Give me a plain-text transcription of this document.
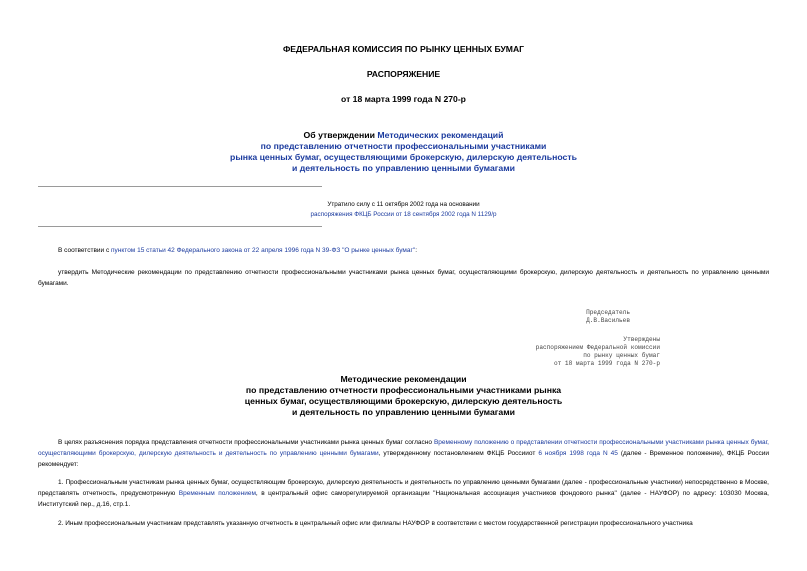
ФЕДЕРАЛЬНАЯ КОМИССИЯ ПО РЫНКУ ЦЕННЫХ БУМАГ
РАСПОРЯЖЕНИЕ
от 18 марта 1999 года N 270-р
Об утверждении Методических рекомендаций
по представлению отчетности профессиональными участниками
рынка ценных бумаг, осуществляющими брокерскую, дилерскую деятельность
и деятельность по управлению ценными бумагами
Утратило силу с 11 октября 2002 года на основании
распоряжения ФКЦБ России от 18 сентября 2002 года N 1129/р
В соответствии с пунктом 15 статьи 42 Федерального закона от 22 апреля 1996 года N 39-ФЗ "О рынке ценных бумаг":
утвердить Методические рекомендации по представлению отчетности профессиональными участниками рынка ценных бумаг, осуществляющими брокерскую, дилерскую деятельность и деятельность по управлению ценными бумагами.
Председатель
Д.В.Васильев
Утверждены
распоряжением Федеральной комиссии
по рынку ценных бумаг
от 18 марта 1999 года N 270-р
Методические рекомендации
по представлению отчетности профессиональными участниками рынка
ценных бумаг, осуществляющими брокерскую, дилерскую деятельность
и деятельность по управлению ценными бумагами
В целях разъяснения порядка представления отчетности профессиональными участниками рынка ценных бумаг согласно Временному положению о представлении отчетности профессиональными участниками рынка ценных бумаг, осуществляющими брокерскую, дилерскую деятельность и деятельность по управлению ценными бумагами, утвержденному постановлением ФКЦБ Россииот 6 ноября 1998 года N 45 (далее - Временное положение), ФКЦБ России рекомендует:
1. Профессиональным участникам рынка ценных бумаг, осуществляющим брокерскую, дилерскую деятельность и деятельность по управлению ценными бумагами (далее - профессиональные участники) непосредственно в Москве, представлять отчетность, предусмотренную Временным положением, в центральный офис саморегулируемой организации "Национальная ассоциация участников фондового рынка" (далее - НАУФОР) по адресу: 103030 Москва, Институтский пер., д.16, стр.1.
2. Иным профессиональным участникам представлять указанную отчетность в центральный офис или филиалы НАУФОР в соответствии с местом государственной регистрации профессионального участника
